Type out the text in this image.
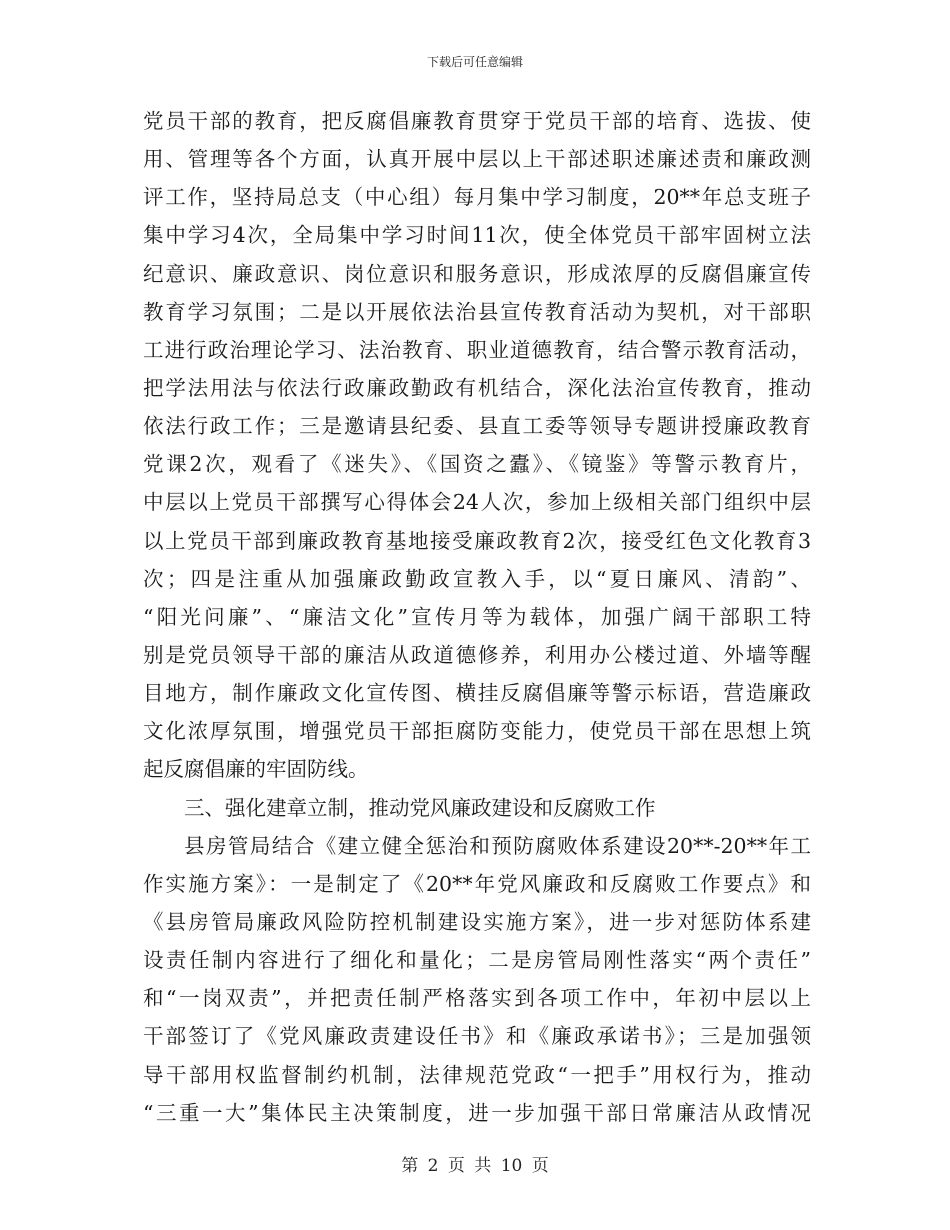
下载后可任意编辑
党员干部的教育，把反腐倡廉教育贯穿于党员干部的培育、选拔、使
用、管理等各个方面，认真开展中层以上干部述职述廉述责和廉政测
评工作，坚持局总支（中心组）每月集中学习制度，20**年总支班子
集中学习4次，全局集中学习时间11次，使全体党员干部牢固树立法
纪意识、廉政意识、岗位意识和服务意识，形成浓厚的反腐倡廉宣传
教育学习氛围；二是以开展依法治县宣传教育活动为契机，对干部职
工进行政治理论学习、法治教育、职业道德教育，结合警示教育活动，
把学法用法与依法行政廉政勤政有机结合，深化法治宣传教育，推动
依法行政工作；三是邀请县纪委、县直工委等领导专题讲授廉政教育
党课2次，观看了《迷失》、《国资之蠹》、《镜鉴》等警示教育片，
中层以上党员干部撰写心得体会24人次，参加上级相关部门组织中层
以上党员干部到廉政教育基地接受廉政教育2次，接受红色文化教育3
次；四是注重从加强廉政勤政宣教入手，以“夏日廉风、清韵”、
“阳光问廉”、“廉洁文化”宣传月等为载体，加强广阔干部职工特
别是党员领导干部的廉洁从政道德修养，利用办公楼过道、外墙等醒
目地方，制作廉政文化宣传图、横挂反腐倡廉等警示标语，营造廉政
文化浓厚氛围，增强党员干部拒腐防变能力，使党员干部在思想上筑
起反腐倡廉的牢固防线。
三、强化建章立制，推动党风廉政建设和反腐败工作
县房管局结合《建立健全惩治和预防腐败体系建设20**-20**年工
作实施方案》：一是制定了《20**年党风廉政和反腐败工作要点》和
《县房管局廉政风险防控机制建设实施方案》，进一步对惩防体系建
设责任制内容进行了细化和量化；二是房管局刚性落实“两个责任”
和“一岗双责”，并把责任制严格落实到各项工作中，年初中层以上
干部签订了《党风廉政责建设任书》和《廉政承诺书》；三是加强领
导干部用权监督制约机制，法律规范党政“一把手”用权行为，推动
“三重一大”集体民主决策制度，进一步加强干部日常廉洁从政情况
第 2 页 共 10 页
